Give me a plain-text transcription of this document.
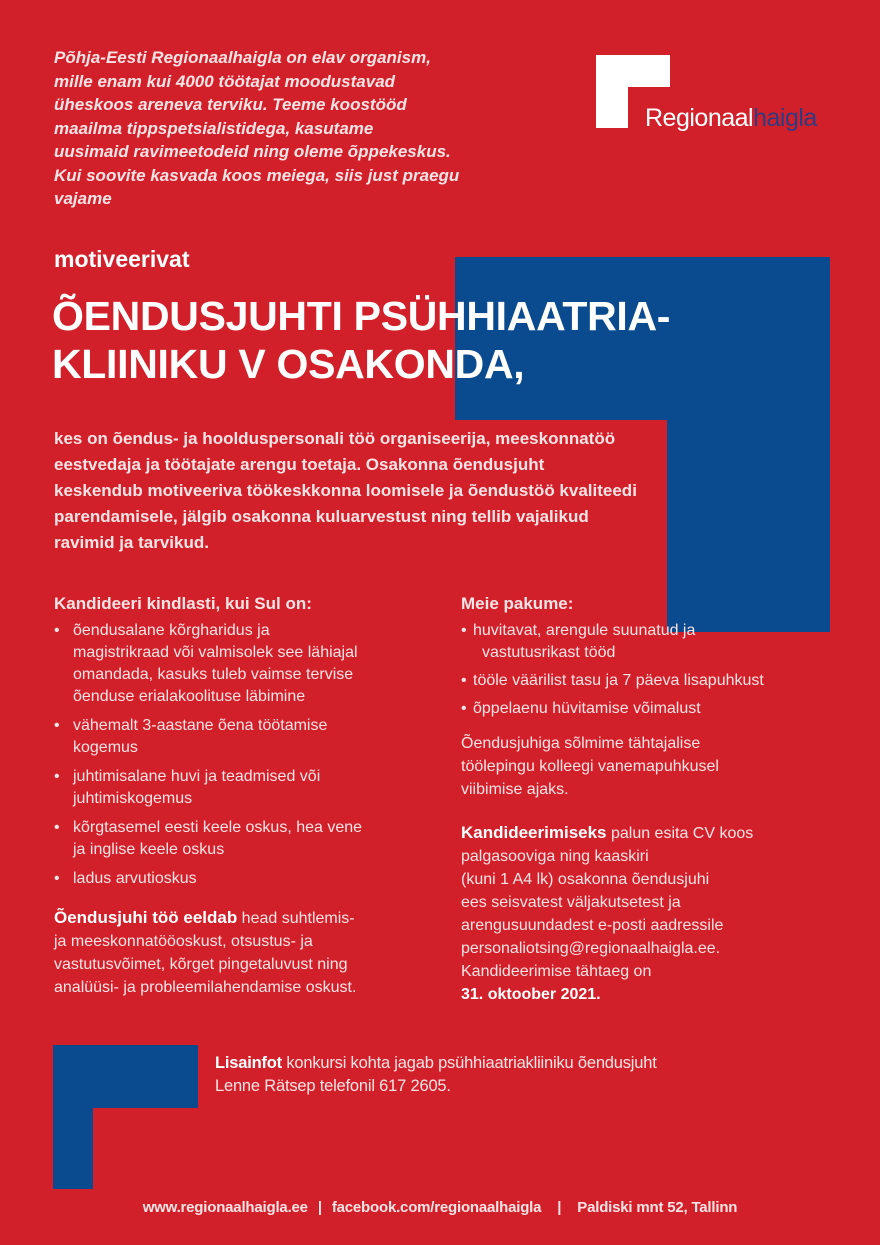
Regionaalhaigla
Põhja-Eesti Regionaalhaigla on elav organism,
mille enam kui 4000 töötajat moodustavad
üheskoos areneva terviku. Teeme koostööd
maailma tippspetsialistidega, kasutame
uusimaid ravimeetodeid ning oleme õppekeskus.
Kui soovite kasvada koos meiega, siis just praegu
vajame
motiveerivat
ÕENDUSJUHTI PSÜHHIAATRIA-
KLIINIKU V OSAKONDA,
kes on õendus- ja hoolduspersonali töö organiseerija, meeskonnatöö
eestvedaja ja töötajate arengu toetaja. Osakonna õendusjuht
keskendub motiveeriva töökeskkonna loomisele ja õendustöö kvaliteedi
parendamisele, jälgib osakonna kuluarvestust ning tellib vajalikud
ravimid ja tarvikud.
Kandideeri kindlasti, kui Sul on:
• õendusalane kõrgharidus ja
magistrikraad või valmisolek see lähiajal
omandada, kasuks tuleb vaimse tervise
õenduse erialakoolituse läbimine
• vähemalt 3-aastane õena töötamise
kogemus
• juhtimisalane huvi ja teadmised või
juhtimiskogemus
• kõrgtasemel eesti keele oskus, hea vene
ja inglise keele oskus
• ladus arvutioskus
Õendusjuhi töö eeldab head suhtlemis-
ja meeskonnatööoskust, otsustus- ja
vastutusvõimet, kõrget pingetaluvust ning
analüüsi- ja probleemilahendamise oskust.
Meie pakume:
• huvitavat, arengule suunatud ja
vastutusrikast tööd
• tööle väärilist tasu ja 7 päeva lisapuhkust
• õppelaenu hüvitamise võimalust
Õendusjuhiga sõlmime tähtajalise
töölepingu kolleegi vanemapuhkusel
viibimise ajaks.
Kandideerimiseks palun esita CV koos
palgasooviga ning kaaskiri
(kuni 1 A4 lk) osakonna õendusjuhi
ees seisvatest väljakutsetest ja
arengusuundadest e-posti aadressile
personaliotsing@regionaalhaigla.ee.
Kandideerimise tähtaeg on
31. oktoober 2021.
Lisainfot konkursi kohta jagab psühhiaatriakliiniku õendusjuht
Lenne Rätsep telefonil 617 2605.
www.regionaalhaigla.ee | facebook.com/regionaalhaigla | Paldiski mnt 52, Tallinn
